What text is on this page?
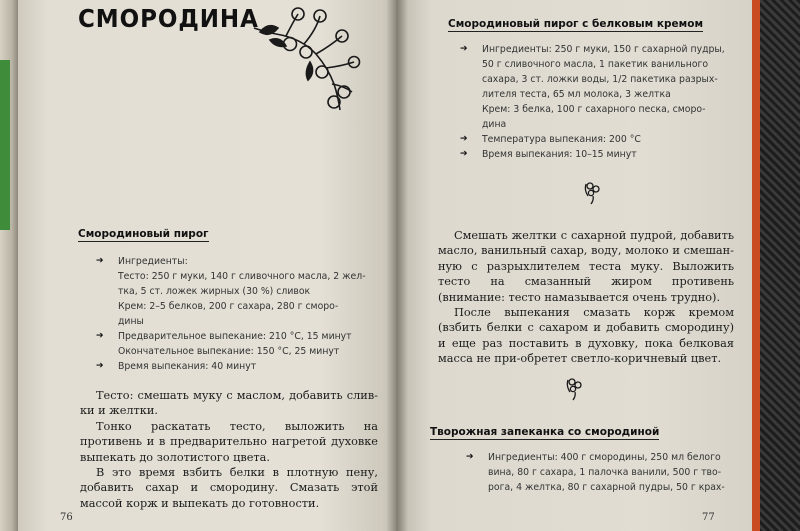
СМОРОДИНА
Смородиновый пирог
➔	Ингредиенты:
Тесто: 250 г муки, 140 г сливочного масла, 2 жел-
тка, 5 ст. ложек жирных (30 %) сливок
Крем: 2–5 белков, 200 г сахара, 280 г сморо-
дины
➔	Предварительное выпекание: 210 °C, 15 минут
Окончательное выпекание: 150 °C, 25 минут
➔	Время выпекания: 40 минут

Тесто: смешать муку с маслом, добавить слив-ки и желтки.

Тонко раскатать тесто, выложить на противень и в предварительно нагретой духовке выпекать до золотистого цвета.

В это время взбить белки в плотную пену, добавить сахар и смородину. Смазать этой массой корж и выпекать до готовности.

76
Смородиновый пирог с белковым кремом
➔	Ингредиенты: 250 г муки, 150 г сахарной пудры,
50 г сливочного масла, 1 пакетик ванильного
сахара, 3 ст. ложки воды, 1/2 пакетика разрых-
лителя теста, 65 мл молока, 3 желтка
Крем: 3 белка, 100 г сахарного песка, сморо-
дина
➔	Температура выпекания: 200 °C
➔	Время выпекания: 10–15 минут

Смешать желтки с сахарной пудрой, добавить масло, ванильный сахар, воду, молоко и смешан-ную с разрыхлителем теста муку. Выложить тесто на смазанный жиром противень (внимание: тесто намазывается очень трудно).

После выпекания смазать корж кремом (взбить белки с сахаром и добавить смородину) и еще раз поставить в духовку, пока белковая масса не при-обретет светло-коричневый цвет.

Творожная запеканка со смородиной
➔	Ингредиенты: 400 г смородины, 250 мл белого
вина, 80 г сахара, 1 палочка ванили, 500 г тво-
рога, 4 желтка, 80 г сахарной пудры, 50 г крах-
77
